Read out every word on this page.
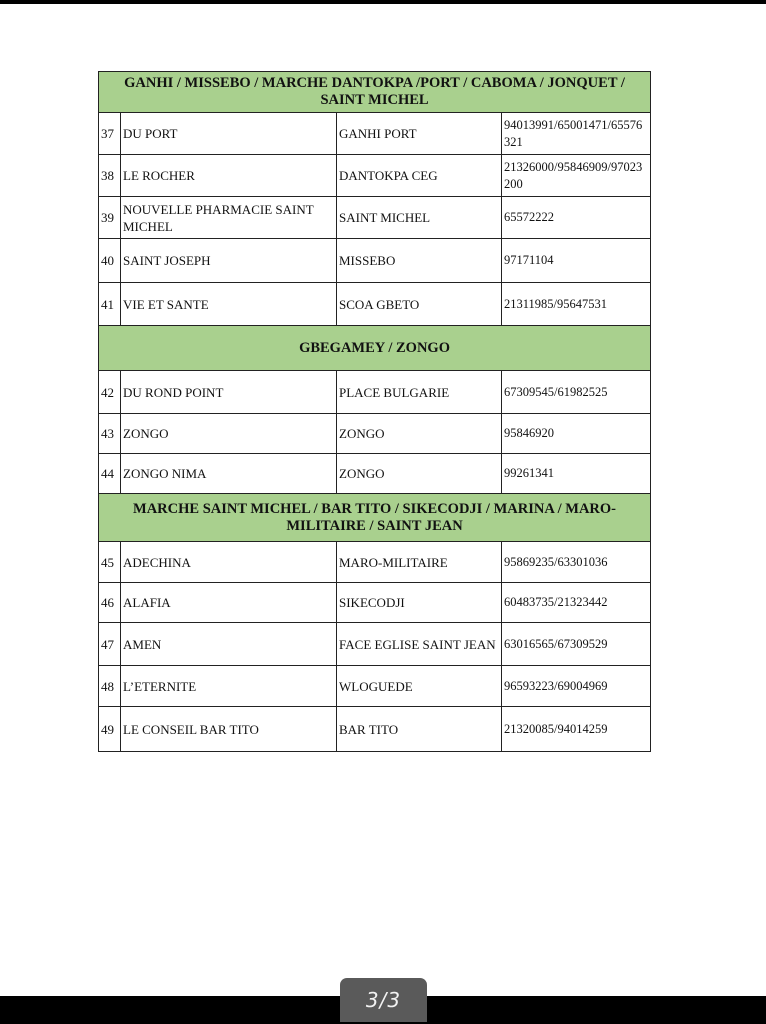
GANHI / MISSEBO / MARCHE DANTOKPA /PORT / CABOMA / JONQUET / SAINT MICHEL			
37	DU PORT	GANHI PORT	94013991/65001471/65576321
38	LE ROCHER	DANTOKPA CEG	21326000/95846909/97023200
39	NOUVELLE PHARMACIE SAINT MICHEL	SAINT MICHEL	65572222
40	SAINT JOSEPH	MISSEBO	97171104
41	VIE ET SANTE	SCOA GBETO	21311985/95647531
GBEGAMEY / ZONGO			
42	DU ROND POINT	PLACE BULGARIE	67309545/61982525
43	ZONGO	ZONGO	95846920
44	ZONGO NIMA	ZONGO	99261341
MARCHE SAINT MICHEL / BAR TITO / SIKECODJI / MARINA / MARO-MILITAIRE / SAINT JEAN			
45	ADECHINA	MARO-MILITAIRE	95869235/63301036
46	ALAFIA	SIKECODJI	60483735/21323442
47	AMEN	FACE EGLISE SAINT JEAN	63016565/67309529
48	L’ETERNITE	WLOGUEDE	96593223/69004969
49	LE CONSEIL BAR TITO	BAR TITO	21320085/94014259
3/3
